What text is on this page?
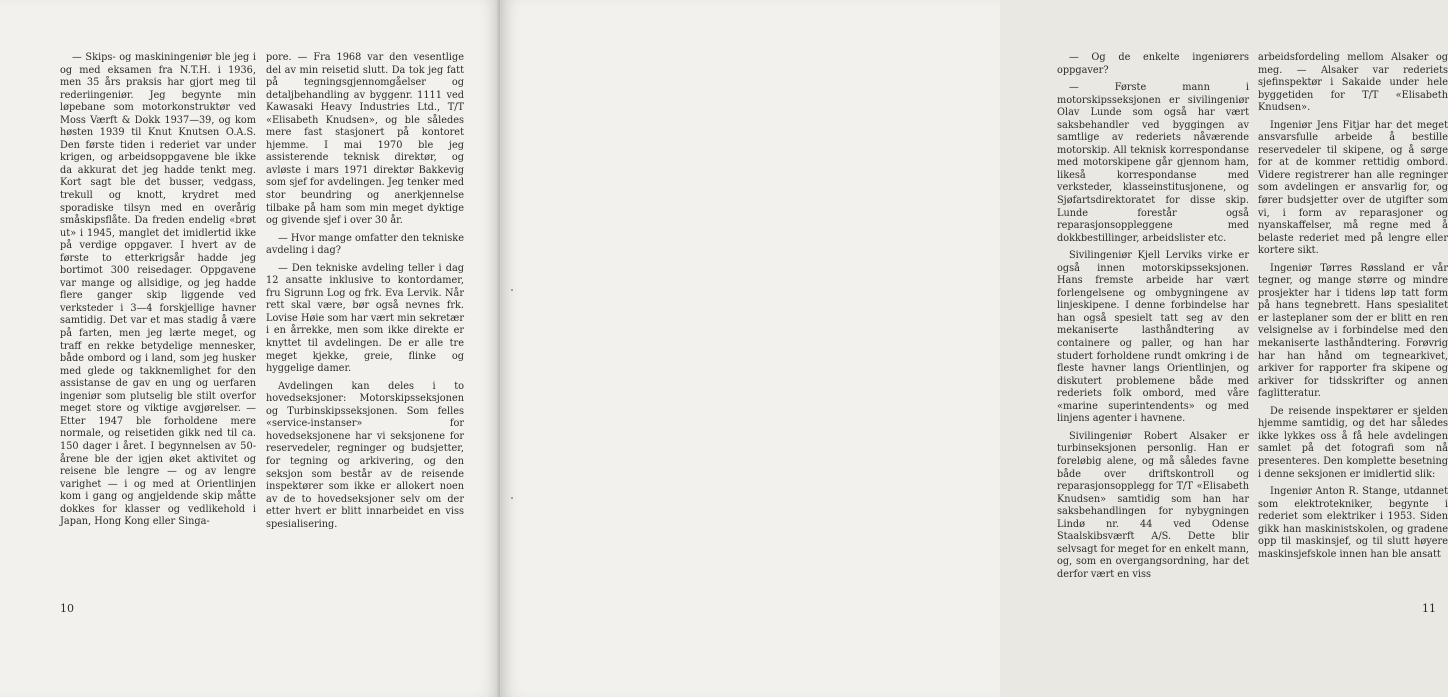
— Skips- og maskiningeniør ble jeg i og med eksamen fra N.T.H. i 1936, men 35 års praksis har gjort meg til rederiingeniør. Jeg begynte min løpebane som motorkonstruktør ved Moss Værft & Dokk 1937—39, og kom høsten 1939 til Knut Knutsen O.A.S. Den første tiden i rederiet var under krigen, og arbeidsoppgavene ble ikke da akkurat det jeg hadde tenkt meg. Kort sagt ble det busser, vedgass, trekull og knott, krydret med sporadiske tilsyn med en overårig småskipsflåte. Da freden endelig «brøt ut» i 1945, manglet det imidlertid ikke på verdige oppgaver. I hvert av de første to etterkrigsår hadde jeg bortimot 300 reisedager. Oppgavene var mange og allsidige, og jeg hadde flere ganger skip liggende ved verksteder i 3—4 forskjellige havner samtidig. Det var et mas stadig å være på farten, men jeg lærte meget, og traff en rekke betydelige mennesker, både ombord og i land, som jeg husker med glede og takknemlighet for den assistanse de gav en ung og uerfaren ingeniør som plutselig ble stilt overfor meget store og viktige avgjørelser. — Etter 1947 ble forholdene mere normale, og reisetiden gikk ned til ca. 150 dager i året. I begynnelsen av 50-årene ble der igjen øket aktivitet og reisene ble lengre — og av lengre varighet — i og med at Orientlinjen kom i gang og angjeldende skip måtte dokkes for klasser og vedlikehold i Japan, Hong Kong eller Singa-

pore. — Fra 1968 var den vesentlige del av min reisetid slutt. Da tok jeg fatt på tegningsgjennomgåelser og detaljbehandling av byggenr. 1111 ved Kawasaki Heavy Industries Ltd., T/T «Elisabeth Knudsen», og ble således mere fast stasjonert på kontoret hjemme. I mai 1970 ble jeg assisterende teknisk direktør, og avløste i mars 1971 direktør Bakkevig som sjef for avdelingen. Jeg tenker med stor beundring og anerkjennelse tilbake på ham som min meget dyktige og givende sjef i over 30 år.

— Hvor mange omfatter den tekniske avdeling i dag?

— Den tekniske avdeling teller i dag 12 ansatte inklusive to kontordamer, fru Sigrunn Log og frk. Eva Lervik. Når rett skal være, bør også nevnes frk. Lovise Høie som har vært min sekretær i en årrekke, men som ikke direkte er knyttet til avdelingen. De er alle tre meget kjekke, greie, flinke og hyggelige damer.

Avdelingen kan deles i to hovedseksjoner: Motorskipsseksjonen og Turbinskipsseksjonen. Som felles «service-instanser» for hovedseksjonene har vi seksjonene for reservedeler, regninger og budsjetter, for tegning og arkivering, og den seksjon som består av de reisende inspektører som ikke er allokert noen av de to hovedseksjoner selv om der etter hvert er blitt innarbeidet en viss spesialisering.

10

— Og de enkelte ingeniørers oppgaver?

— Første mann i motorskipsseksjonen er sivilingeniør Olav Lunde som også har vært saksbehandler ved byggingen av samtlige av rederiets nåværende motorskip. All teknisk korrespondanse med motorskipene går gjennom ham, likeså korrespondanse med verksteder, klasseinstitusjonene, og Sjøfartsdirektoratet for disse skip. Lunde forestår også reparasjonsoppleggene med dokkbestillinger, arbeidslister etc.

Sivilingeniør Kjell Lerviks virke er også innen motorskipsseksjonen. Hans fremste arbeide har vært forlengelsene og ombygningene av linjeskipene. I denne forbindelse har han også spesielt tatt seg av den mekaniserte lasthåndtering av containere og paller, og han har studert forholdene rundt omkring i de fleste havner langs Orientlinjen, og diskutert problemene både med rederiets folk ombord, med våre «marine superintendents» og med linjens agenter i havnene.

Sivilingeniør Robert Alsaker er turbinseksjonen personlig. Han er foreløbig alene, og må således favne både over driftskontroll og reparasjonsopplegg for T/T «Elisabeth Knudsen» samtidig som han har saksbehandlingen for nybygningen Lindø nr. 44 ved Odense Staalskibsværft A/S. Dette blir selvsagt for meget for en enkelt mann, og, som en overgangsordning, har det derfor vært en viss

arbeidsfordeling mellom Alsaker og meg. — Alsaker var rederiets sjefinspektør i Sakaide under hele byggetiden for T/T «Elisabeth Knudsen».

Ingeniør Jens Fitjar har det meget ansvarsfulle arbeide å bestille reservedeler til skipene, og å sørge for at de kommer rettidig ombord. Videre registrerer han alle regninger som avdelingen er ansvarlig for, og fører budsjetter over de utgifter som vi, i form av reparasjoner og nyanskaffelser, må regne med å belaste rederiet med på lengre eller kortere sikt.

Ingeniør Tørres Røssland er vår tegner, og mange større og mindre prosjekter har i tidens løp tatt form på hans tegnebrett. Hans spesialitet er lasteplaner som der er blitt en ren velsignelse av i forbindelse med den mekaniserte lasthåndtering. Forøvrig har han hånd om tegnearkivet, arkiver for rapporter fra skipene og arkiver for tidsskrifter og annen faglitteratur.

De reisende inspektører er sjelden hjemme samtidig, og det har således ikke lykkes oss å få hele avdelingen samlet på det fotografi som nå presenteres. Den komplette besetning i denne seksjonen er imidlertid slik:

Ingeniør Anton R. Stange, utdannet som elektrotekniker, begynte i rederiet som elektriker i 1953. Siden gikk han maskinistskolen, og gradene opp til maskinsjef, og til slutt høyere maskinsjefskole innen han ble ansatt

11
